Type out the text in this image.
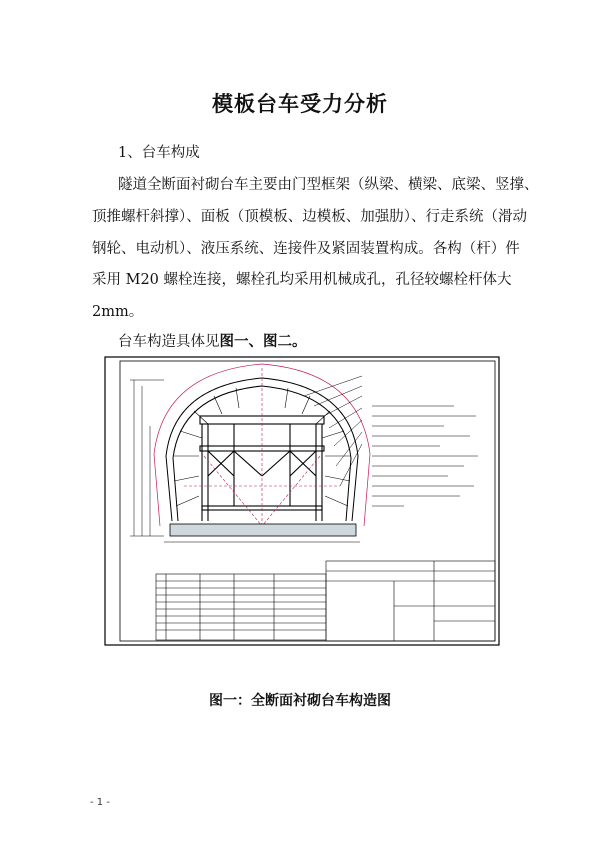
模板台车受力分析
1、台车构成
隧道全断面衬砌台车主要由门型框架（纵梁、横梁、底梁、竖撑、
顶推螺杆斜撑）、面板（顶模板、边模板、加强肋）、行走系统（滑动
钢轮、电动机）、液压系统、连接件及紧固装置构成。各构（杆）件
采用 M20 螺栓连接，螺栓孔均采用机械成孔，孔径较螺栓杆体大
2mm。
台车构造具体见图一、图二。
图一：全断面衬砌台车构造图
- 1 -
